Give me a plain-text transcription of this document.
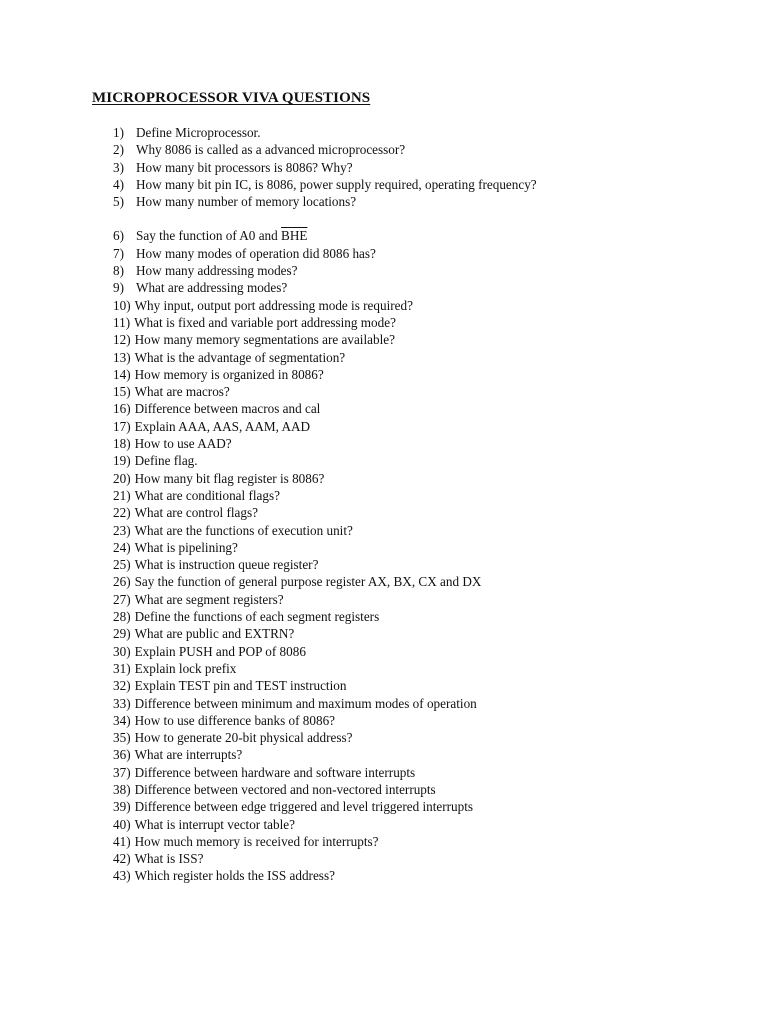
MICROPROCESSOR VIVA QUESTIONS
1) Define Microprocessor.
2) Why 8086 is called as a advanced microprocessor?
3) How many bit processors is 8086? Why?
4) How many bit pin IC, is 8086, power supply required, operating frequency?
5) How many number of memory locations?
6) Say the function of A0 and $\overline{BHE}$
7) How many modes of operation did 8086 has?
8) How many addressing modes?
9) What are addressing modes?
10) Why input, output port addressing mode is required?
11) What is fixed and variable port addressing mode?
12) How many memory segmentations are available?
13) What is the advantage of segmentation?
14) How memory is organized in 8086?
15) What are macros?
16) Difference between macros and cal
17) Explain AAA, AAS, AAM, AAD
18) How to use AAD?
19) Define flag.
20) How many bit flag register is 8086?
21) What are conditional flags?
22) What are control flags?
23) What are the functions of execution unit?
24) What is pipelining?
25) What is instruction queue register?
26) Say the function of general purpose register AX, BX, CX and DX
27) What are segment registers?
28) Define the functions of each segment registers
29) What are public and EXTRN?
30) Explain PUSH and POP of 8086
31) Explain lock prefix
32) Explain TEST pin and TEST instruction
33) Difference between minimum and maximum modes of operation
34) How to use difference banks of 8086?
35) How to generate 20-bit physical address?
36) What are interrupts?
37) Difference between hardware and software interrupts
38) Difference between vectored and non-vectored interrupts
39) Difference between edge triggered and level triggered interrupts
40) What is interrupt vector table?
41) How much memory is received for interrupts?
42) What is ISS?
43) Which register holds the ISS address?
